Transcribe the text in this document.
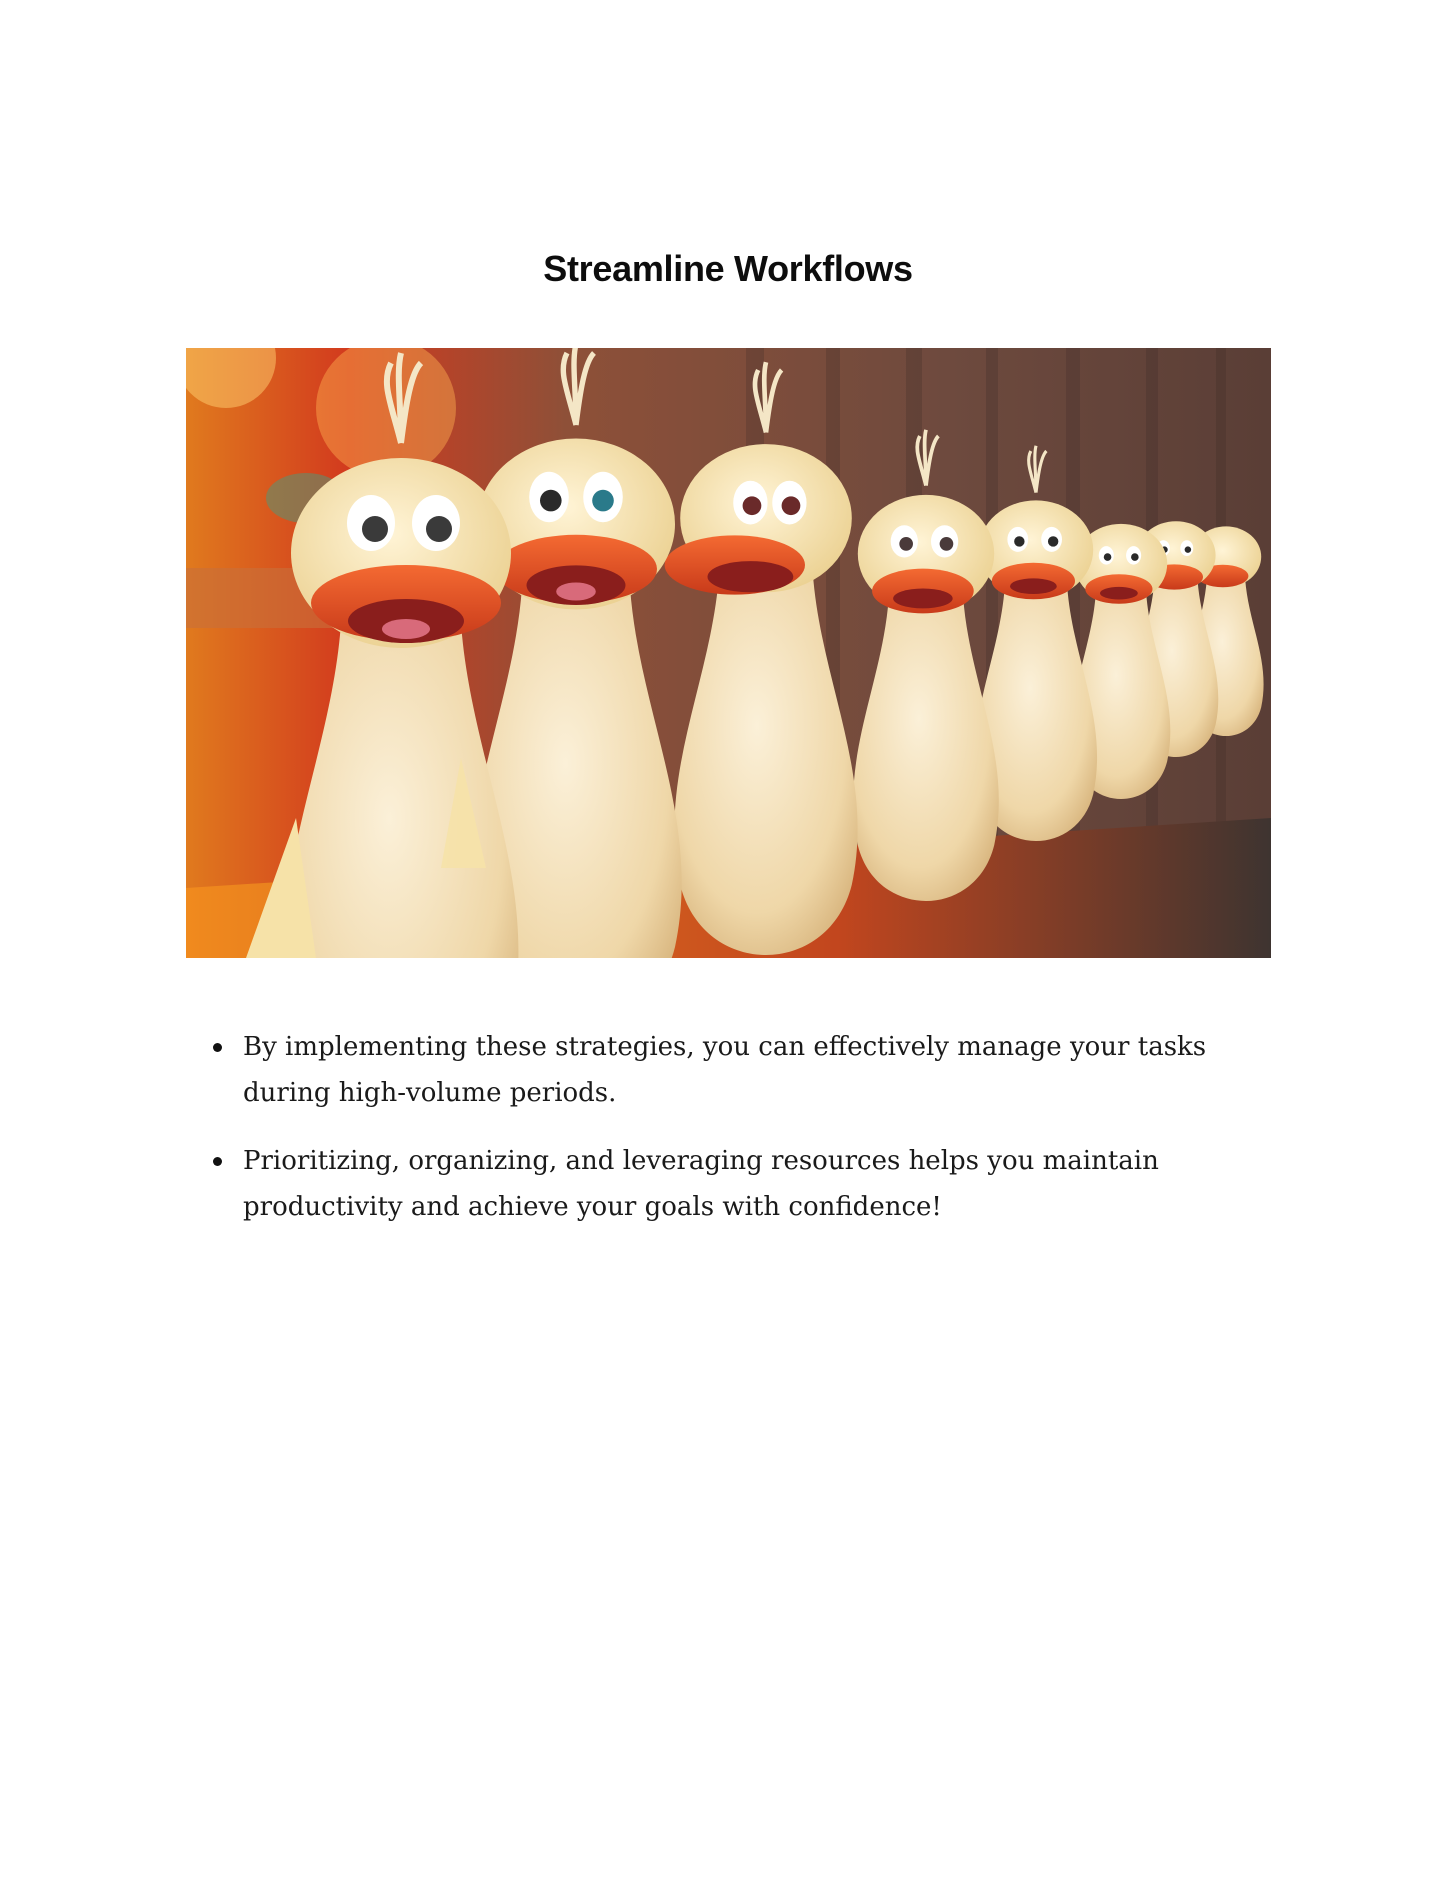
Streamline Workflows
By implementing these strategies, you can effectively manage your tasks during high-volume periods.
Prioritizing, organizing, and leveraging resources helps you maintain productivity and achieve your goals with confidence!
